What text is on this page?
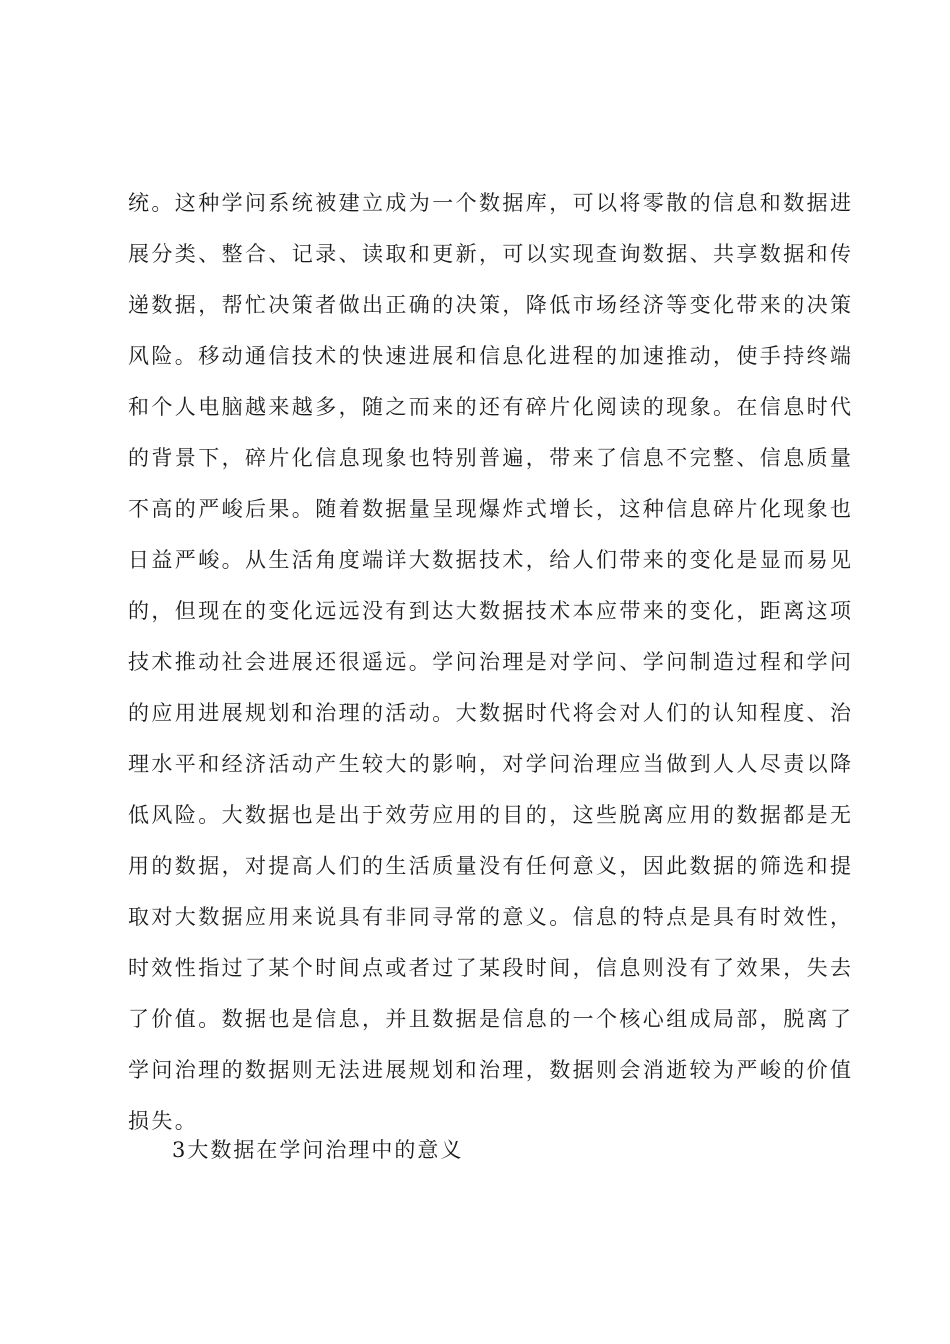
统。这种学问系统被建立成为一个数据库，可以将零散的信息和数据进
展分类、整合、记录、读取和更新，可以实现查询数据、共享数据和传
递数据，帮忙决策者做出正确的决策，降低市场经济等变化带来的决策
风险。移动通信技术的快速进展和信息化进程的加速推动，使手持终端
和个人电脑越来越多，随之而来的还有碎片化阅读的现象。在信息时代
的背景下，碎片化信息现象也特别普遍，带来了信息不完整、信息质量
不高的严峻后果。随着数据量呈现爆炸式增长，这种信息碎片化现象也
日益严峻。从生活角度端详大数据技术，给人们带来的变化是显而易见
的，但现在的变化远远没有到达大数据技术本应带来的变化，距离这项
技术推动社会进展还很遥远。学问治理是对学问、学问制造过程和学问
的应用进展规划和治理的活动。大数据时代将会对人们的认知程度、治
理水平和经济活动产生较大的影响，对学问治理应当做到人人尽责以降
低风险。大数据也是出于效劳应用的目的，这些脱离应用的数据都是无
用的数据，对提高人们的生活质量没有任何意义，因此数据的筛选和提
取对大数据应用来说具有非同寻常的意义。信息的特点是具有时效性，
时效性指过了某个时间点或者过了某段时间，信息则没有了效果，失去
了价值。数据也是信息，并且数据是信息的一个核心组成局部，脱离了
学问治理的数据则无法进展规划和治理，数据则会消逝较为严峻的价值
损失。
3大数据在学问治理中的意义
